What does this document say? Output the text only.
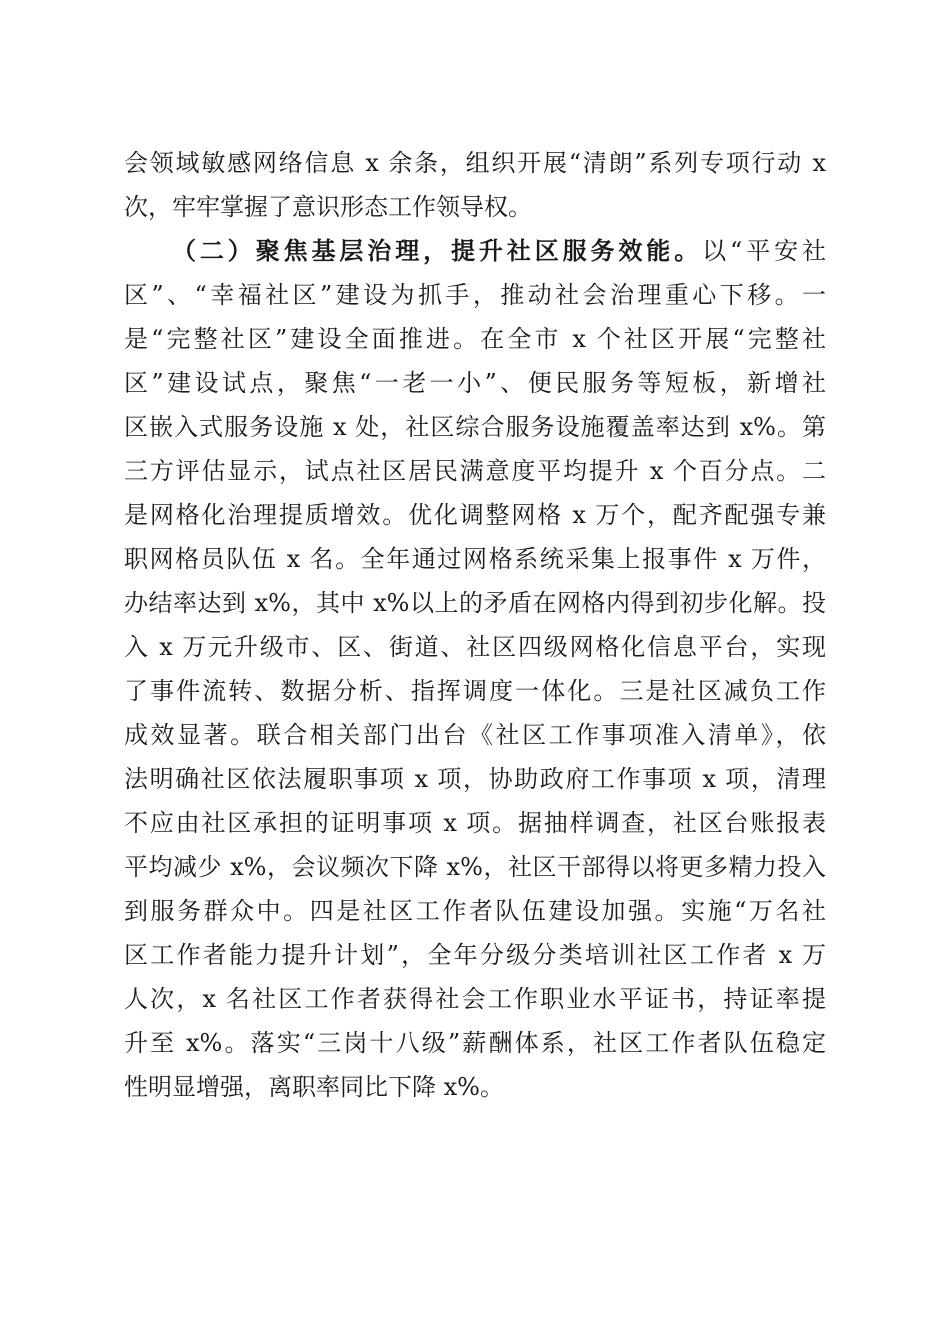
会领域敏感网络信息 x 余条，组织开展“清朗”系列专项行动 x
次，牢牢掌握了意识形态工作领导权。
（二）聚焦基层治理，提升社区服务效能。以“平安社
区”、“幸福社区”建设为抓手，推动社会治理重心下移。一
是“完整社区”建设全面推进。在全市 x 个社区开展“完整社
区”建设试点，聚焦“一老一小”、便民服务等短板，新增社
区嵌入式服务设施 x 处，社区综合服务设施覆盖率达到 x%。第
三方评估显示，试点社区居民满意度平均提升 x 个百分点。二
是网格化治理提质增效。优化调整网格 x 万个，配齐配强专兼
职网格员队伍 x 名。全年通过网格系统采集上报事件 x 万件，
办结率达到 x%，其中 x%以上的矛盾在网格内得到初步化解。投
入 x 万元升级市、区、街道、社区四级网格化信息平台，实现
了事件流转、数据分析、指挥调度一体化。三是社区减负工作
成效显著。联合相关部门出台《社区工作事项准入清单》，依
法明确社区依法履职事项 x 项，协助政府工作事项 x 项，清理
不应由社区承担的证明事项 x 项。据抽样调查，社区台账报表
平均减少 x%，会议频次下降 x%，社区干部得以将更多精力投入
到服务群众中。四是社区工作者队伍建设加强。实施“万名社
区工作者能力提升计划”，全年分级分类培训社区工作者 x 万
人次，x 名社区工作者获得社会工作职业水平证书，持证率提
升至 x%。落实“三岗十八级”薪酬体系，社区工作者队伍稳定
性明显增强，离职率同比下降 x%。
